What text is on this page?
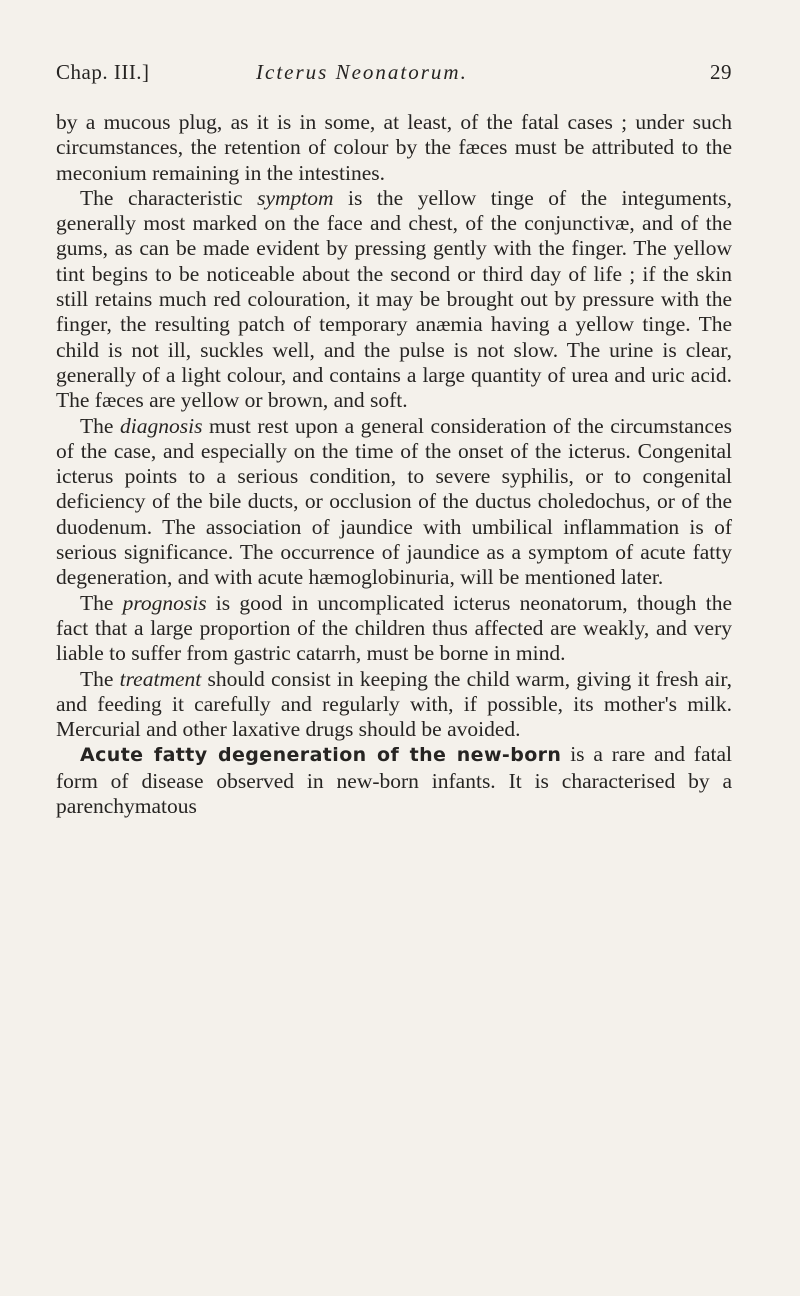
Chap. III.]	Icterus Neonatorum.	29

by a mucous plug, as it is in some, at least, of the fatal cases ; under such circumstances, the retention of colour by the fæces must be attributed to the meconium remaining in the intestines.

The characteristic symptom is the yellow tinge of the integuments, generally most marked on the face and chest, of the conjunctivæ, and of the gums, as can be made evident by pressing gently with the finger. The yellow tint begins to be noticeable about the second or third day of life ; if the skin still retains much red colouration, it may be brought out by pressure with the finger, the resulting patch of temporary anæmia having a yellow tinge. The child is not ill, suckles well, and the pulse is not slow. The urine is clear, generally of a light colour, and contains a large quantity of urea and uric acid. The fæces are yellow or brown, and soft.

The diagnosis must rest upon a general consideration of the circumstances of the case, and especially on the time of the onset of the icterus. Congenital icterus points to a serious condition, to severe syphilis, or to congenital deficiency of the bile ducts, or occlusion of the ductus choledochus, or of the duodenum. The association of jaundice with umbilical inflammation is of serious significance. The occurrence of jaundice as a symptom of acute fatty degeneration, and with acute hæmoglobinuria, will be mentioned later.

The prognosis is good in uncomplicated icterus neonatorum, though the fact that a large proportion of the children thus affected are weakly, and very liable to suffer from gastric catarrh, must be borne in mind.

The treatment should consist in keeping the child warm, giving it fresh air, and feeding it carefully and regularly with, if possible, its mother's milk. Mercurial and other laxative drugs should be avoided.

Acute fatty degeneration of the new-born is a rare and fatal form of disease observed in new-born infants. It is characterised by a parenchymatous
